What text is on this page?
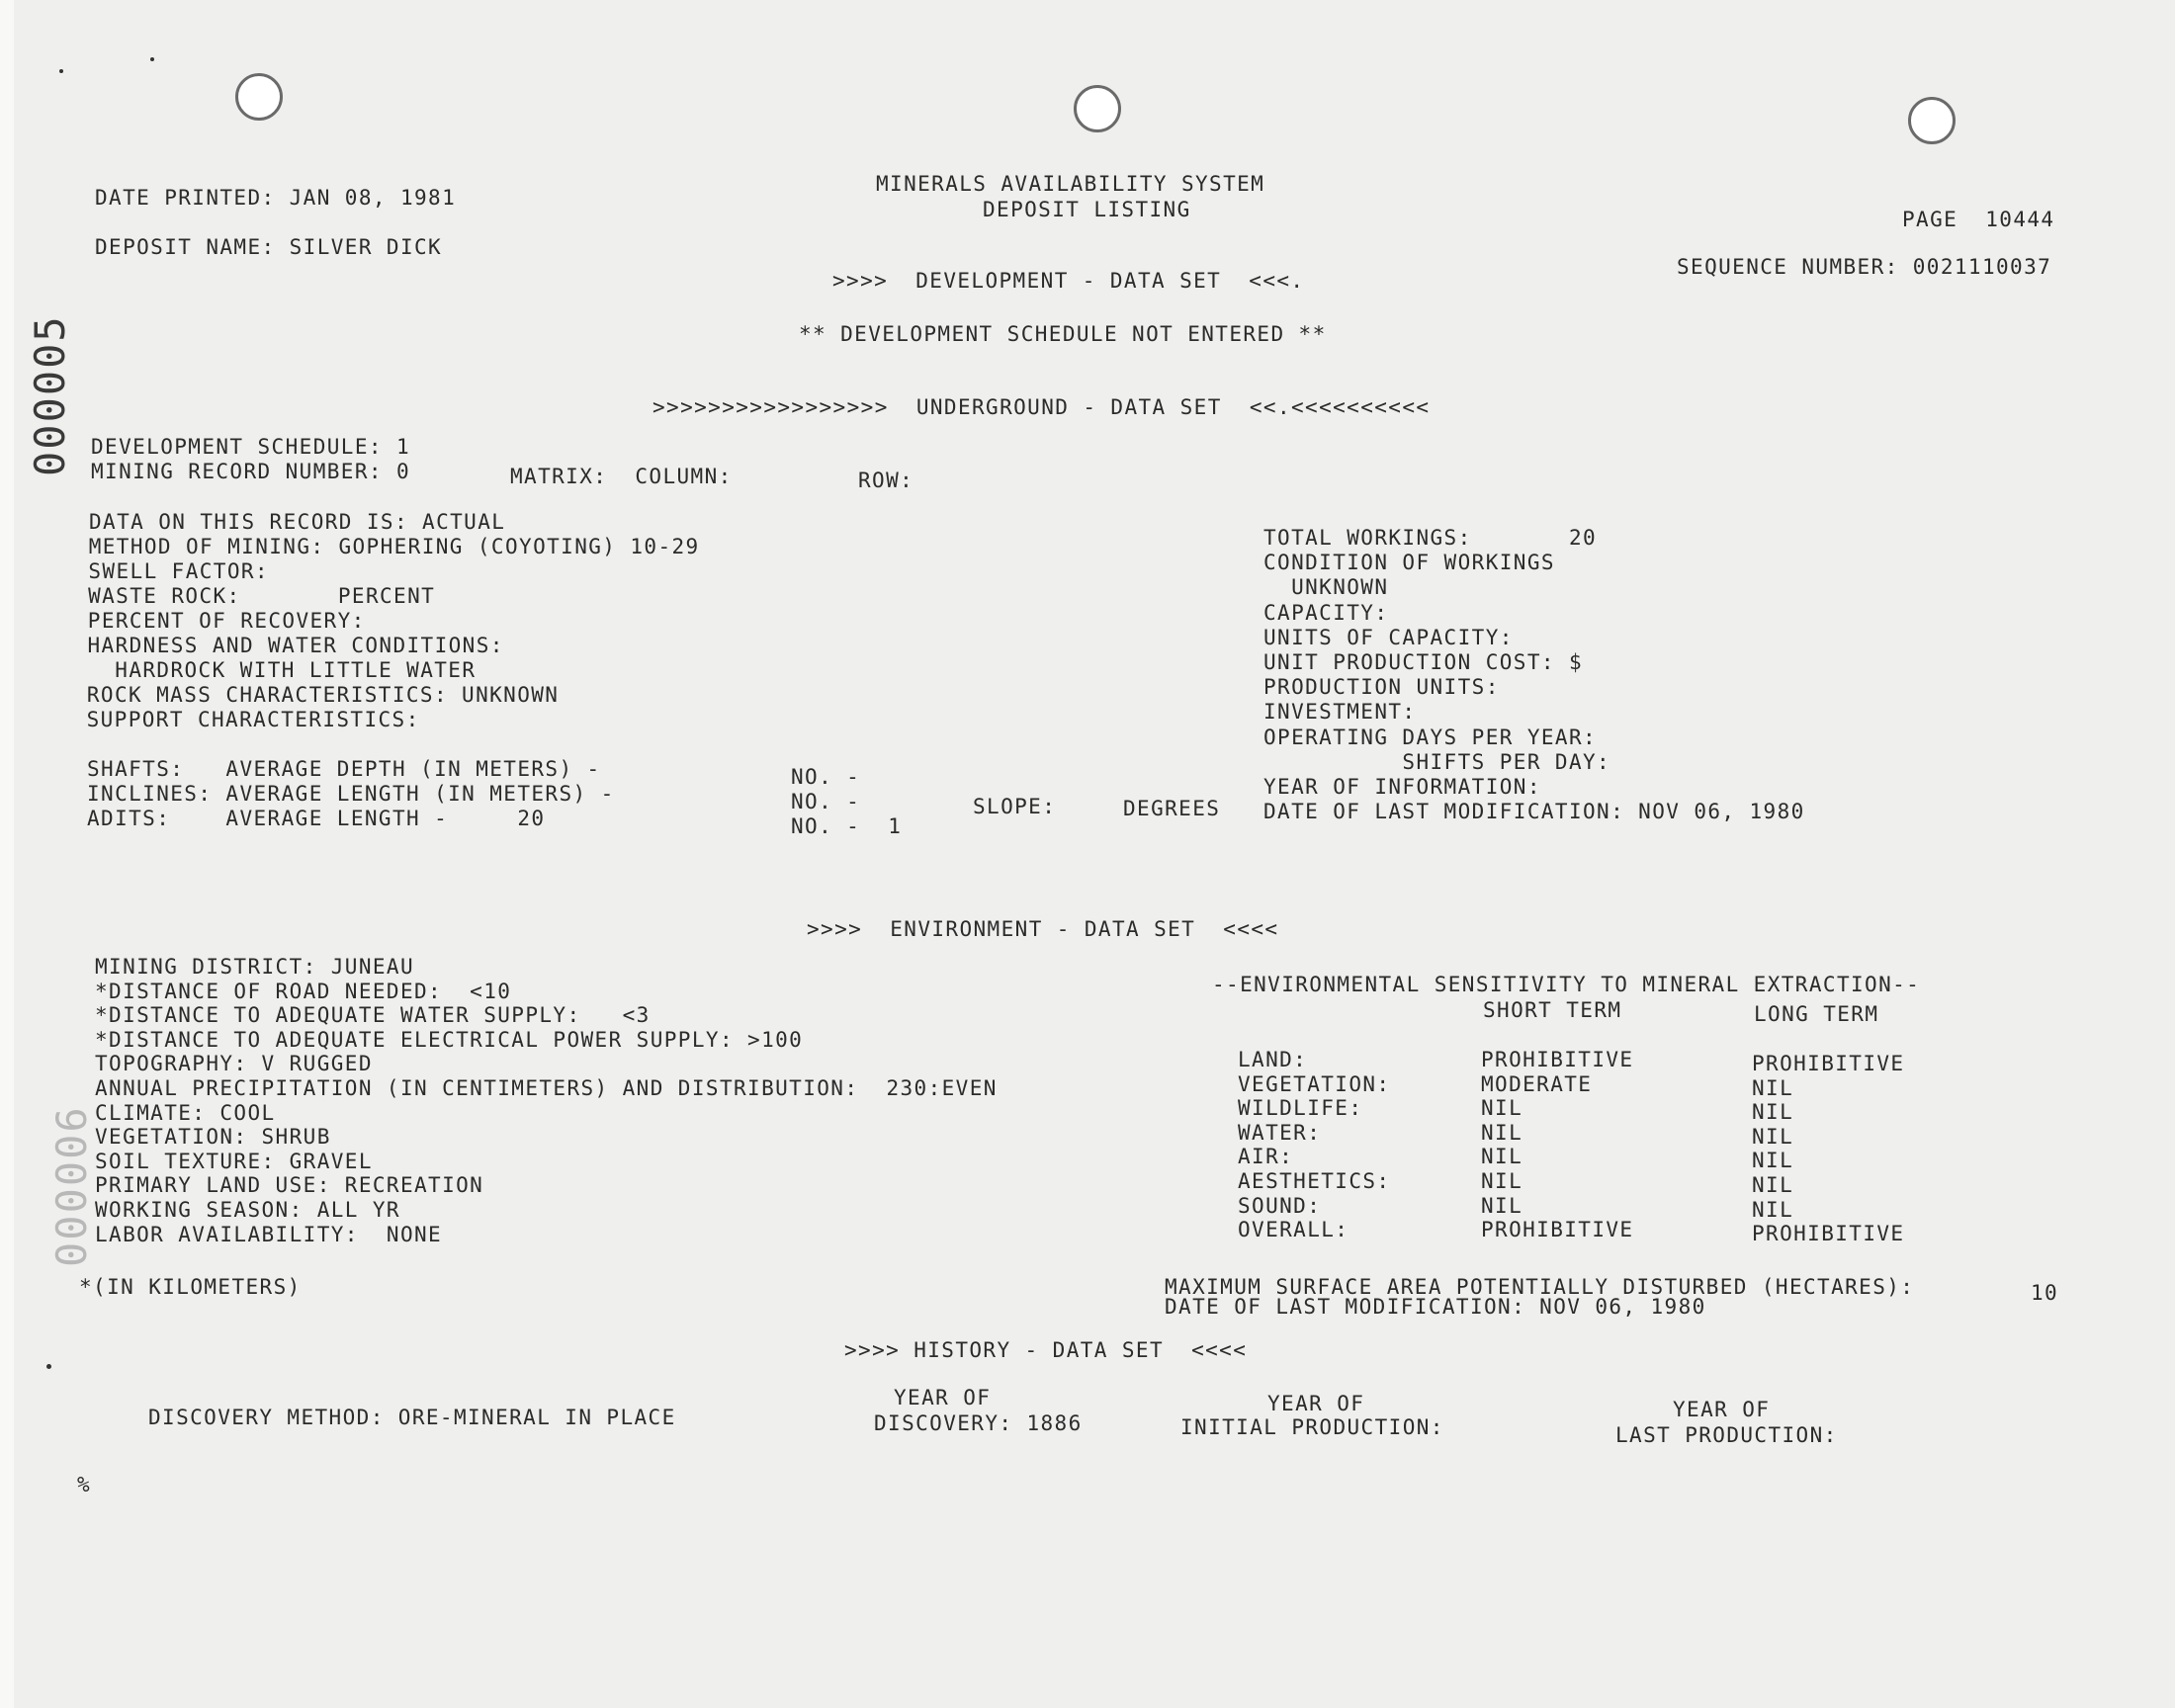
000005
000006
DATE PRINTED: JAN 08, 1981
MINERALS AVAILABILITY SYSTEM
DEPOSIT LISTING	PAGE  10444
DEPOSIT NAME: SILVER DICK
SEQUENCE NUMBER: 0021110037
>>>>  DEVELOPMENT - DATA SET  <<<.
** DEVELOPMENT SCHEDULE NOT ENTERED **
>>>>>>>>>>>>>>>>>  UNDERGROUND - DATA SET  <<.<<<<<<<<<<
DEVELOPMENT SCHEDULE: 1
MINING RECORD NUMBER: 0	MATRIX:  COLUMN:	ROW:
DATA ON THIS RECORD IS: ACTUAL
METHOD OF MINING: GOPHERING (COYOTING) 10-29
SWELL FACTOR:
WASTE ROCK:       PERCENT
PERCENT OF RECOVERY:
HARDNESS AND WATER CONDITIONS:
HARDROCK WITH LITTLE WATER
ROCK MASS CHARACTERISTICS: UNKNOWN
SUPPORT CHARACTERISTICS:
TOTAL WORKINGS:       20
CONDITION OF WORKINGS
UNKNOWN
CAPACITY:
UNITS OF CAPACITY:
UNIT PRODUCTION COST: $
PRODUCTION UNITS:
INVESTMENT:
OPERATING DAYS PER YEAR:
SHIFTS PER DAY:
YEAR OF INFORMATION:
DATE OF LAST MODIFICATION: NOV 06, 1980
SHAFTS:   AVERAGE DEPTH (IN METERS) -
INCLINES: AVERAGE LENGTH (IN METERS) -
ADITS:    AVERAGE LENGTH -     20
NO. -
NO. -
NO. -  1
SLOPE:	DEGREES
>>>>  ENVIRONMENT - DATA SET  <<<<
MINING DISTRICT: JUNEAU
*DISTANCE OF ROAD NEEDED:  <10
*DISTANCE TO ADEQUATE WATER SUPPLY:   <3
*DISTANCE TO ADEQUATE ELECTRICAL POWER SUPPLY: >100
TOPOGRAPHY: V RUGGED
ANNUAL PRECIPITATION (IN CENTIMETERS) AND DISTRIBUTION:  230:EVEN
CLIMATE: COOL
VEGETATION: SHRUB
SOIL TEXTURE: GRAVEL
PRIMARY LAND USE: RECREATION
WORKING SEASON: ALL YR
LABOR AVAILABILITY:  NONE
*(IN KILOMETERS)
--ENVIRONMENTAL SENSITIVITY TO MINERAL EXTRACTION--
SHORT TERM	LONG TERM
LAND:	PROHIBITIVE	PROHIBITIVE
VEGETATION:	MODERATE	NIL
WILDLIFE:	NIL	NIL
WATER:	NIL	NIL
AIR:	NIL	NIL
AESTHETICS:	NIL	NIL
SOUND:	NIL	NIL
OVERALL:	PROHIBITIVE	PROHIBITIVE
MAXIMUM SURFACE AREA POTENTIALLY DISTURBED (HECTARES):	10
DATE OF LAST MODIFICATION: NOV 06, 1980
>>>> HISTORY - DATA SET  <<<<
DISCOVERY METHOD: ORE-MINERAL IN PLACE
YEAR OF
DISCOVERY: 1886
YEAR OF
INITIAL PRODUCTION:
YEAR OF
LAST PRODUCTION:
%
